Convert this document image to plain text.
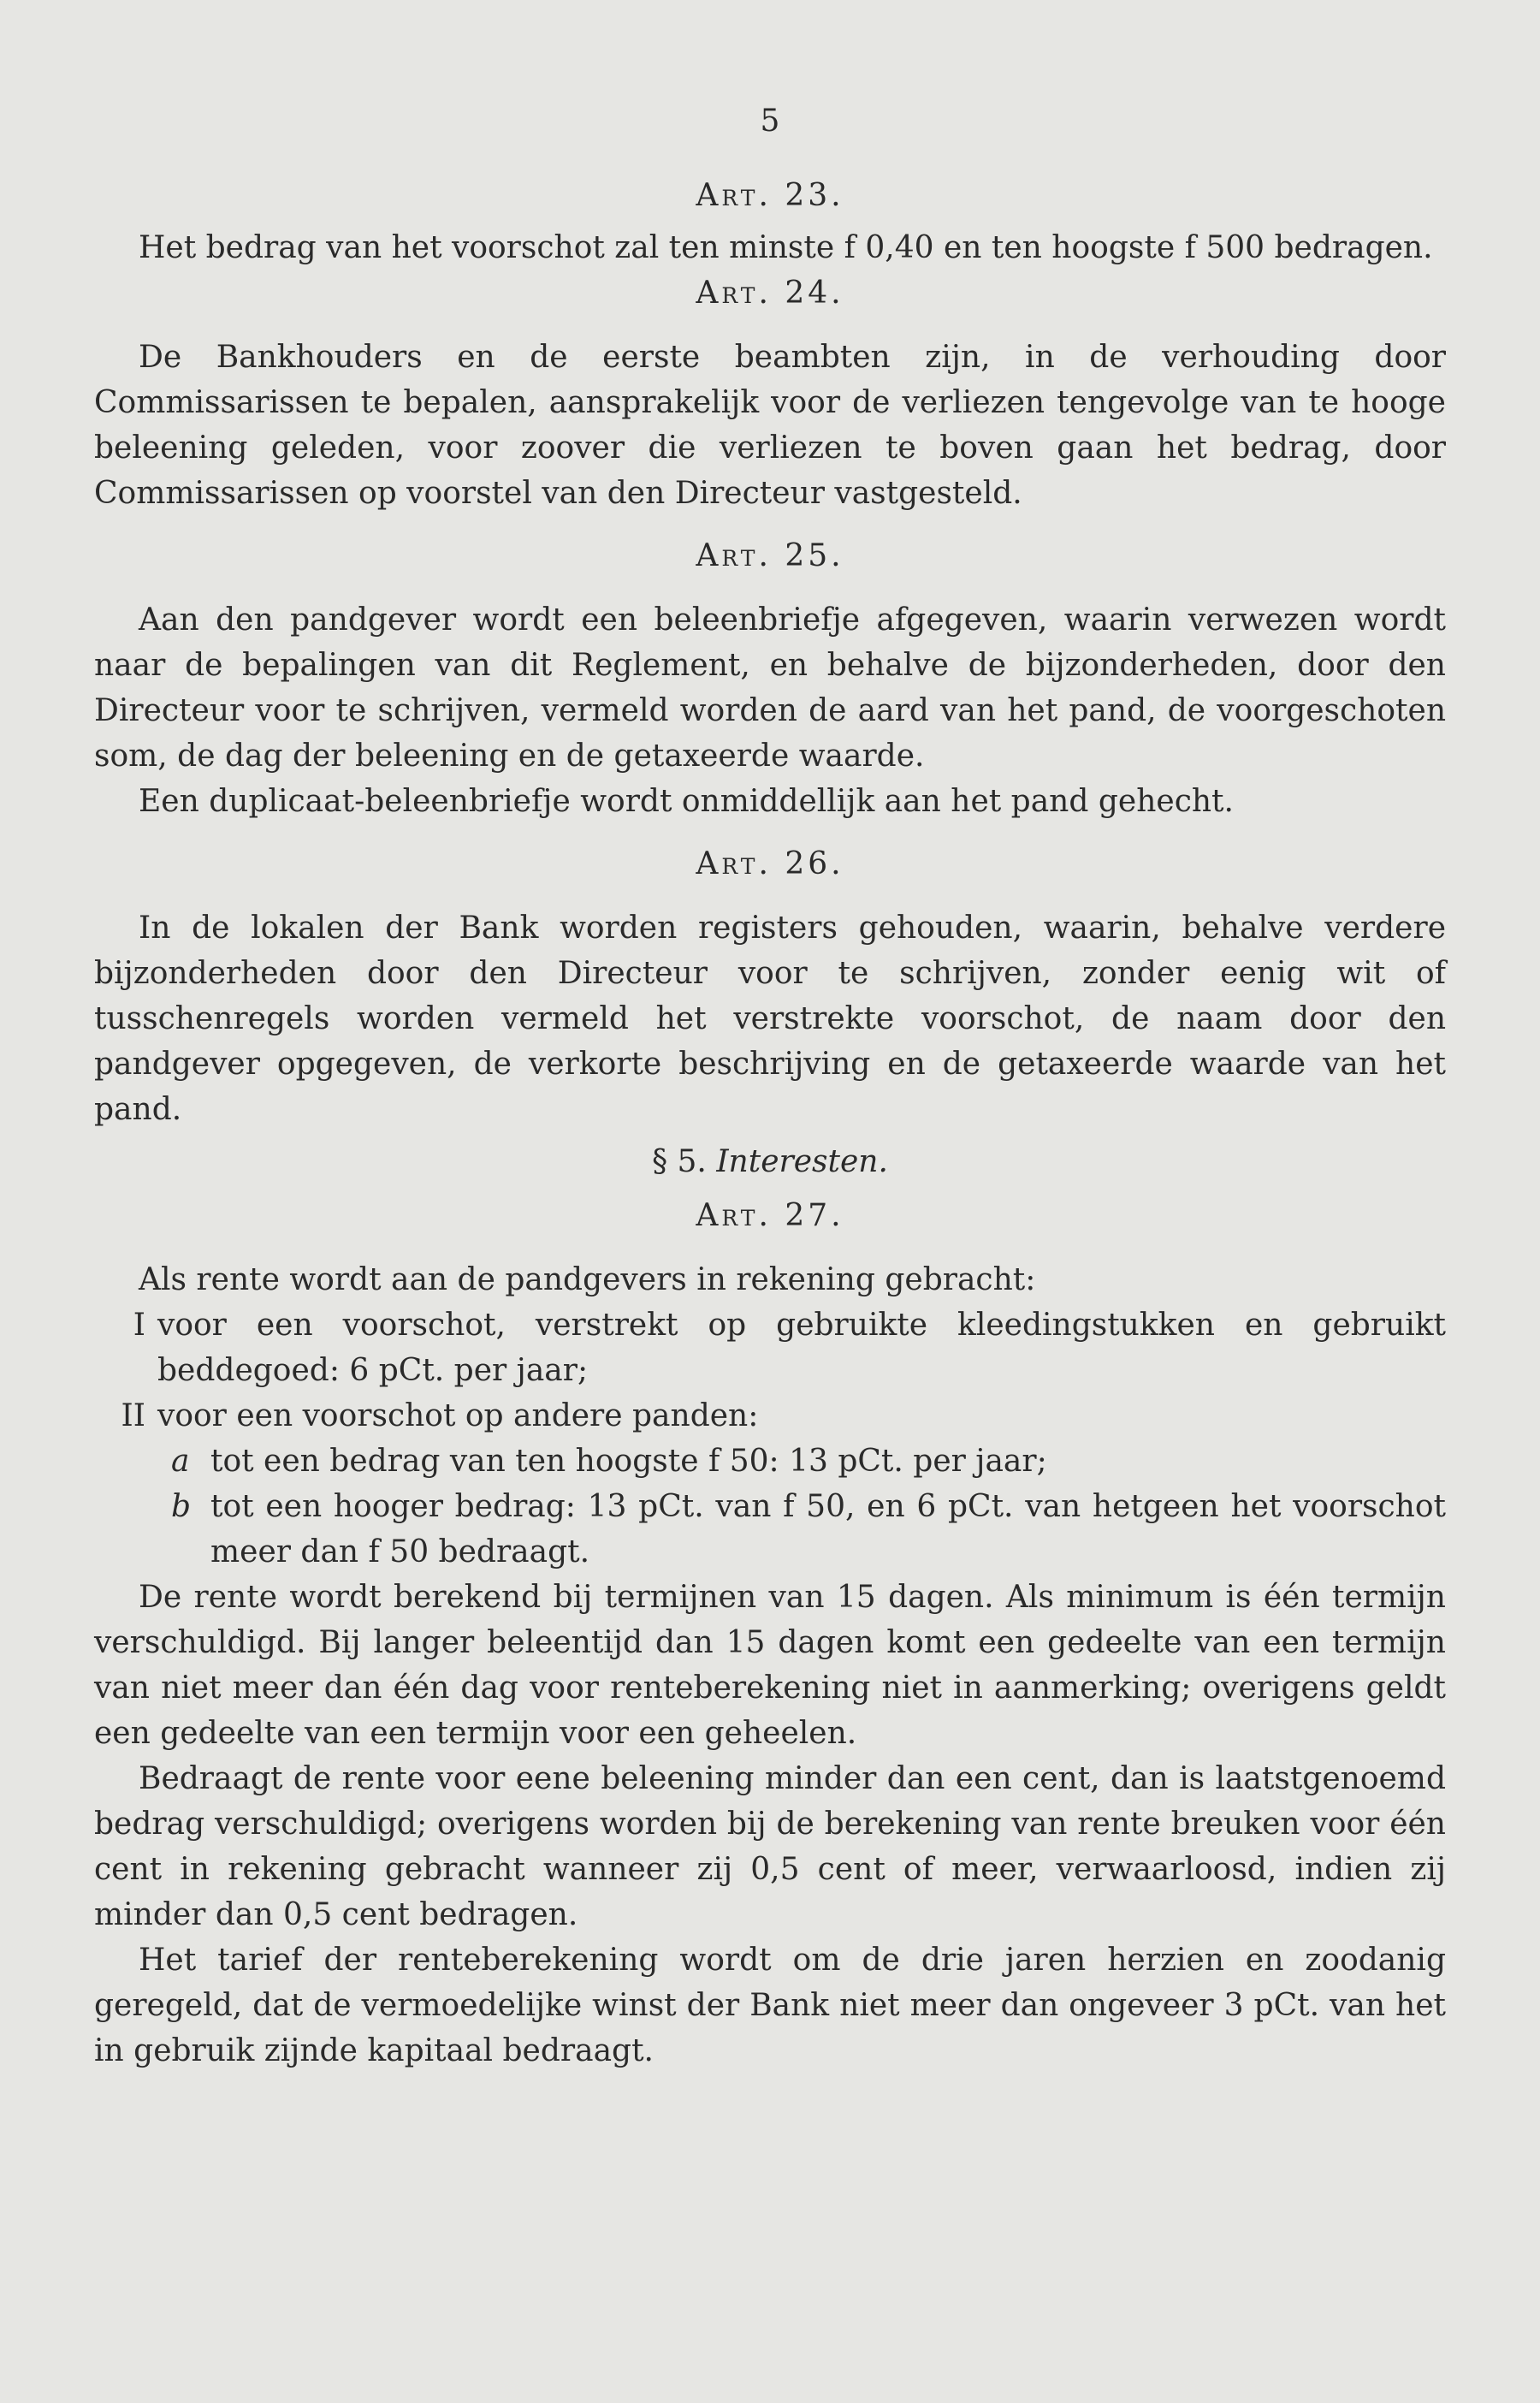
5
Art. 23.

Het bedrag van het voorschot zal ten minste f 0,40 en ten hoogste f 500 bedragen.

Art. 24.

De Bankhouders en de eerste beambten zijn, in de verhouding door Commissarissen te bepalen, aansprakelijk voor de verliezen tengevolge van te hooge beleening geleden, voor zoover die verliezen te boven gaan het bedrag, door Commissarissen op voorstel van den Directeur vastgesteld.

Art. 25.

Aan den pandgever wordt een beleenbriefje afgegeven, waarin verwezen wordt naar de bepalingen van dit Reglement, en behalve de bijzonderheden, door den Directeur voor te schrijven, vermeld worden de aard van het pand, de voorgeschoten som, de dag der beleening en de getaxeerde waarde.

Een duplicaat-beleenbriefje wordt onmiddellijk aan het pand gehecht.

Art. 26.

In de lokalen der Bank worden registers gehouden, waarin, behalve verdere bijzonderheden door den Directeur voor te schrijven, zonder eenig wit of tusschenregels worden vermeld het verstrekte voorschot, de naam door den pandgever opgegeven, de verkorte beschrijving en de getaxeerde waarde van het pand.

§ 5. Interesten.
Art. 27.

Als rente wordt aan de pandgevers in rekening gebracht:

I voor een voorschot, verstrekt op gebruikte kleedingstukken en gebruikt beddegoed: 6 pCt. per jaar;
II voor een voorschot op andere panden:
a tot een bedrag van ten hoogste f 50: 13 pCt. per jaar;
b tot een hooger bedrag: 13 pCt. van f 50, en 6 pCt. van hetgeen het voorschot meer dan f 50 bedraagt.

De rente wordt berekend bij termijnen van 15 dagen. Als minimum is één termijn verschuldigd. Bij langer beleentijd dan 15 dagen komt een gedeelte van een termijn van niet meer dan één dag voor renteberekening niet in aanmerking; overigens geldt een gedeelte van een termijn voor een geheelen.

Bedraagt de rente voor eene beleening minder dan een cent, dan is laatstgenoemd bedrag verschuldigd; overigens worden bij de berekening van rente breuken voor één cent in rekening gebracht wanneer zij 0,5 cent of meer, verwaarloosd, indien zij minder dan 0,5 cent bedragen.

Het tarief der renteberekening wordt om de drie jaren herzien en zoodanig geregeld, dat de vermoedelijke winst der Bank niet meer dan ongeveer 3 pCt. van het in gebruik zijnde kapitaal bedraagt.
